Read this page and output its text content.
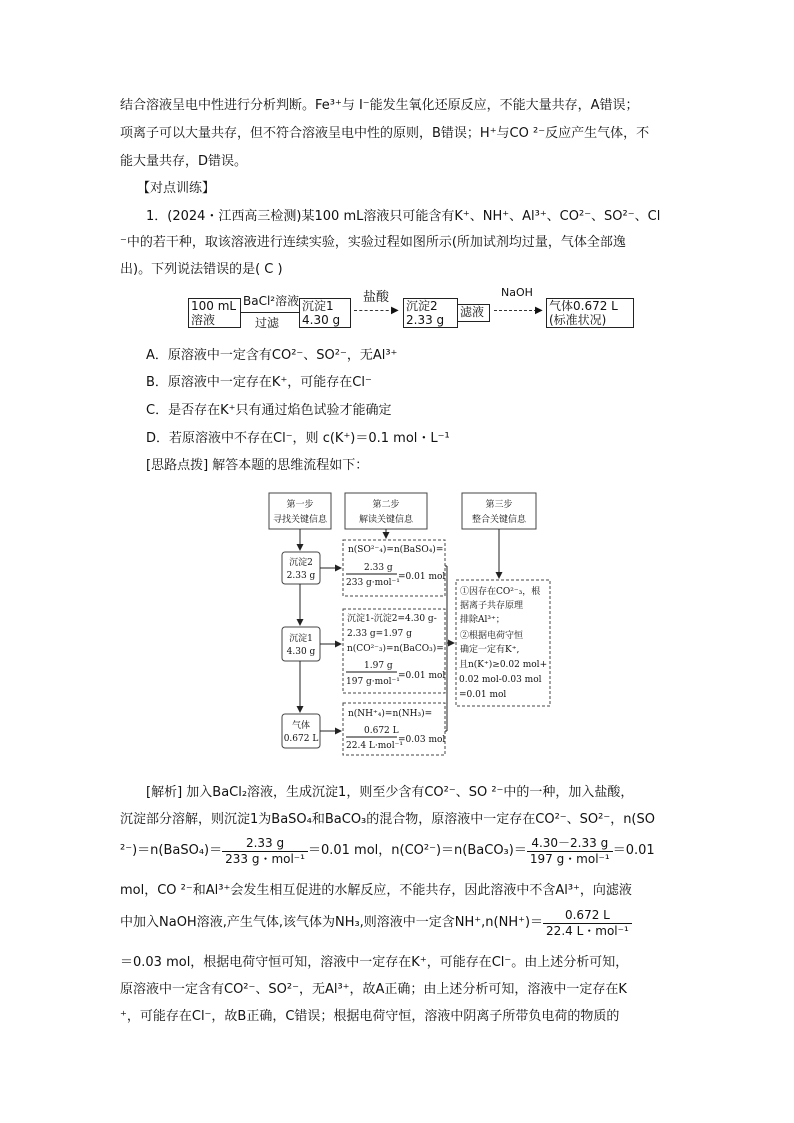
结合溶液呈电中性进行分析判断。Fe³⁺与 I⁻能发生氧化还原反应，不能大量共存，A错误；
项离子可以大量共存，但不符合溶液呈电中性的原则，B错误；H⁺与CO ²⁻反应产生气体，不
能大量共存，D错误。
【对点训练】
1．(2024・江西高三检测)某100 mL溶液只可能含有K⁺、NH⁺、Al³⁺、CO²⁻、SO²⁻、Cl
⁻中的若干种，取该溶液进行连续实验，实验过程如图所示(所加试剂均过量，气体全部逸
出)。下列说法错误的是( C )
100 mL
溶液
BaCl²溶液
过滤
沉淀1
4.30 g
盐酸
▶ 沉淀2
2.33 g
滤液
NaOH
▶ 气体0.672 L
(标准状况)
A．原溶液中一定含有CO²⁻、SO²⁻，无Al³⁺
B．原溶液中一定存在K⁺，可能存在Cl⁻
C．是否存在K⁺只有通过焰色试验才能确定
D．若原溶液中不存在Cl⁻，则 c(K⁺)＝0.1 mol・L⁻¹
[思路点拨] 解答本题的思维流程如下：
第一步
寻找关键信息
第二步
解读关键信息
第三步
整合关键信息
沉淀2
2.33 g
沉淀1
4.30 g
气体
0.672 L
n(SO²⁻₄)=n(BaSO₄)=
2.33 g
233 g·mol⁻¹
=0.01 mol
沉淀1-沉淀2=4.30 g-
2.33 g=1.97 g
n(CO²⁻₃)=n(BaCO₃)=
1.97 g
197 g·mol⁻¹
=0.01 mol
n(NH⁺₄)=n(NH₃)=
0.672 L
22.4 L·mol⁻¹
=0.03 mol
①因存在CO²⁻₃，根
据离子共存原理
排除Al³⁺；
②根据电荷守恒
确定一定有K⁺,
且n(K⁺)≥0.02 mol+
0.02 mol-0.03 mol
=0.01 mol
[解析] 加入BaCl₂溶液，生成沉淀1，则至少含有CO²⁻、SO ²⁻中的一种，加入盐酸，
沉淀部分溶解，则沉淀1为BaSO₄和BaCO₃的混合物，原溶液中一定存在CO²⁻、SO²⁻，n(SO
²⁻)＝n(BaSO₄)＝ $\frac{2.33 g}{\text{233 g・mol⁻¹}} =0.01$ mol，n(CO²⁻)＝n(BaCO₃)＝ $\frac{4.30-2.33 g}{\text{197 g・mol⁻¹}} =0.01$
mol，CO ²⁻和Al³⁺会发生相互促进的水解反应，不能共存，因此溶液中不含Al³⁺，向滤液
中加入NaOH溶液,产生气体,该气体为NH₃,则溶液中一定含$NH^+,n(NH^+)= \frac{0.672 L}{\text{22.4 L・mol⁻¹}}$
＝0.03 mol，根据电荷守恒可知，溶液中一定存在K⁺，可能存在Cl⁻。由上述分析可知，
原溶液中一定含有CO²⁻、SO²⁻，无Al³⁺，故A正确；由上述分析可知，溶液中一定存在K
⁺，可能存在Cl⁻，故B正确，C错误；根据电荷守恒，溶液中阴离子所带负电荷的物质的
